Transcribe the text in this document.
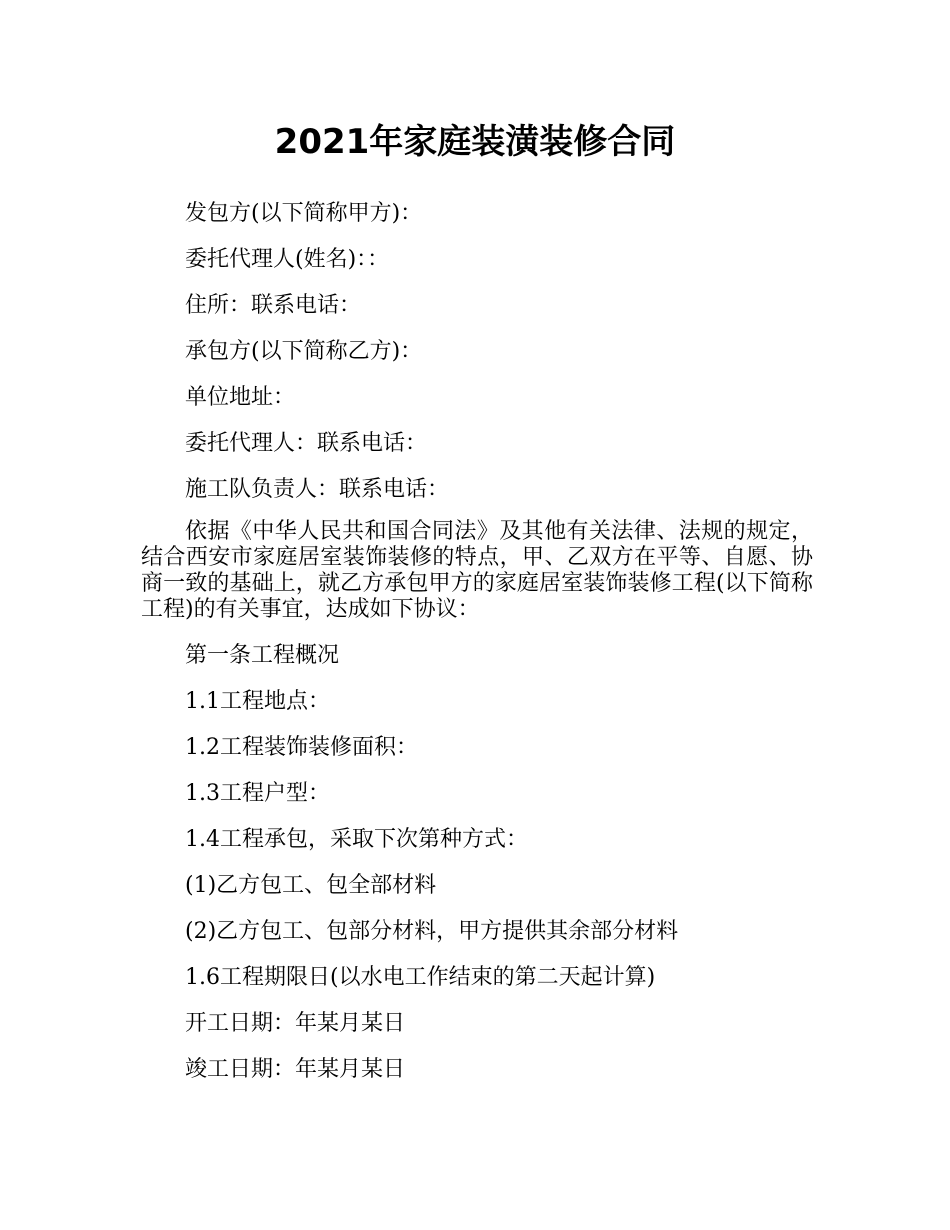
2021年家庭装潢装修合同

发包方(以下简称甲方)：

委托代理人(姓名)：：

住所：联系电话：

承包方(以下简称乙方)：

单位地址：

委托代理人：联系电话：

施工队负责人：联系电话：

依据《中华人民共和国合同法》及其他有关法律、法规的规定，结合西安市家庭居室装饰装修的特点，甲、乙双方在平等、自愿、协商一致的基础上，就乙方承包甲方的家庭居室装饰装修工程(以下简称工程)的有关事宜，达成如下协议：

第一条工程概况

1.1工程地点：

1.2工程装饰装修面积：

1.3工程户型：

1.4工程承包，采取下次第种方式：

(1)乙方包工、包全部材料

(2)乙方包工、包部分材料，甲方提供其余部分材料

1.6工程期限日(以水电工作结束的第二天起计算)

开工日期：年某月某日

竣工日期：年某月某日
